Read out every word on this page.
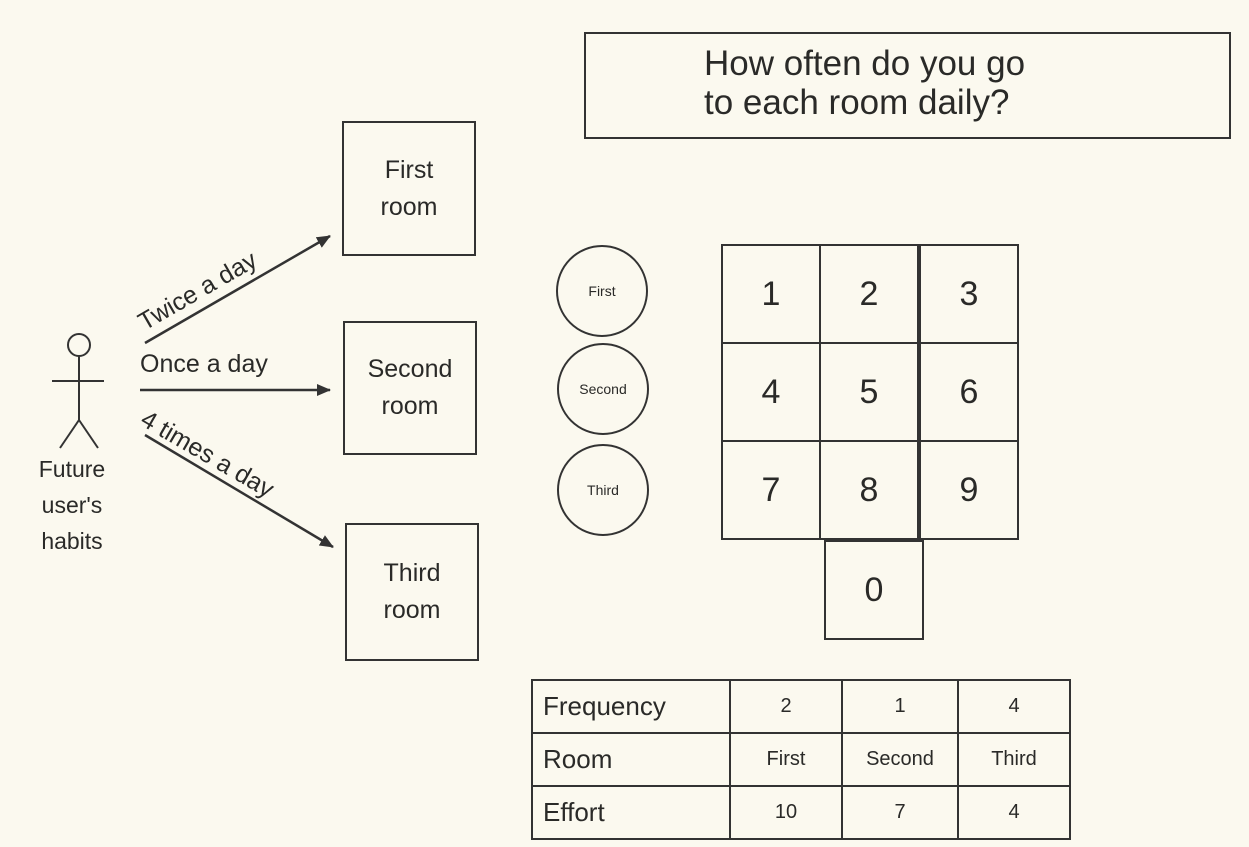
How often do you go
to each room daily?
Future
user's
habits
Twice a day
Once a day
4 times a day
First
room
Second
room
Third
room
First
Second
Third
1	2	3
4	5	6
7	8	9
0
Frequency	2	1	4
Room	First	Second	Third
Effort	10	7	4
